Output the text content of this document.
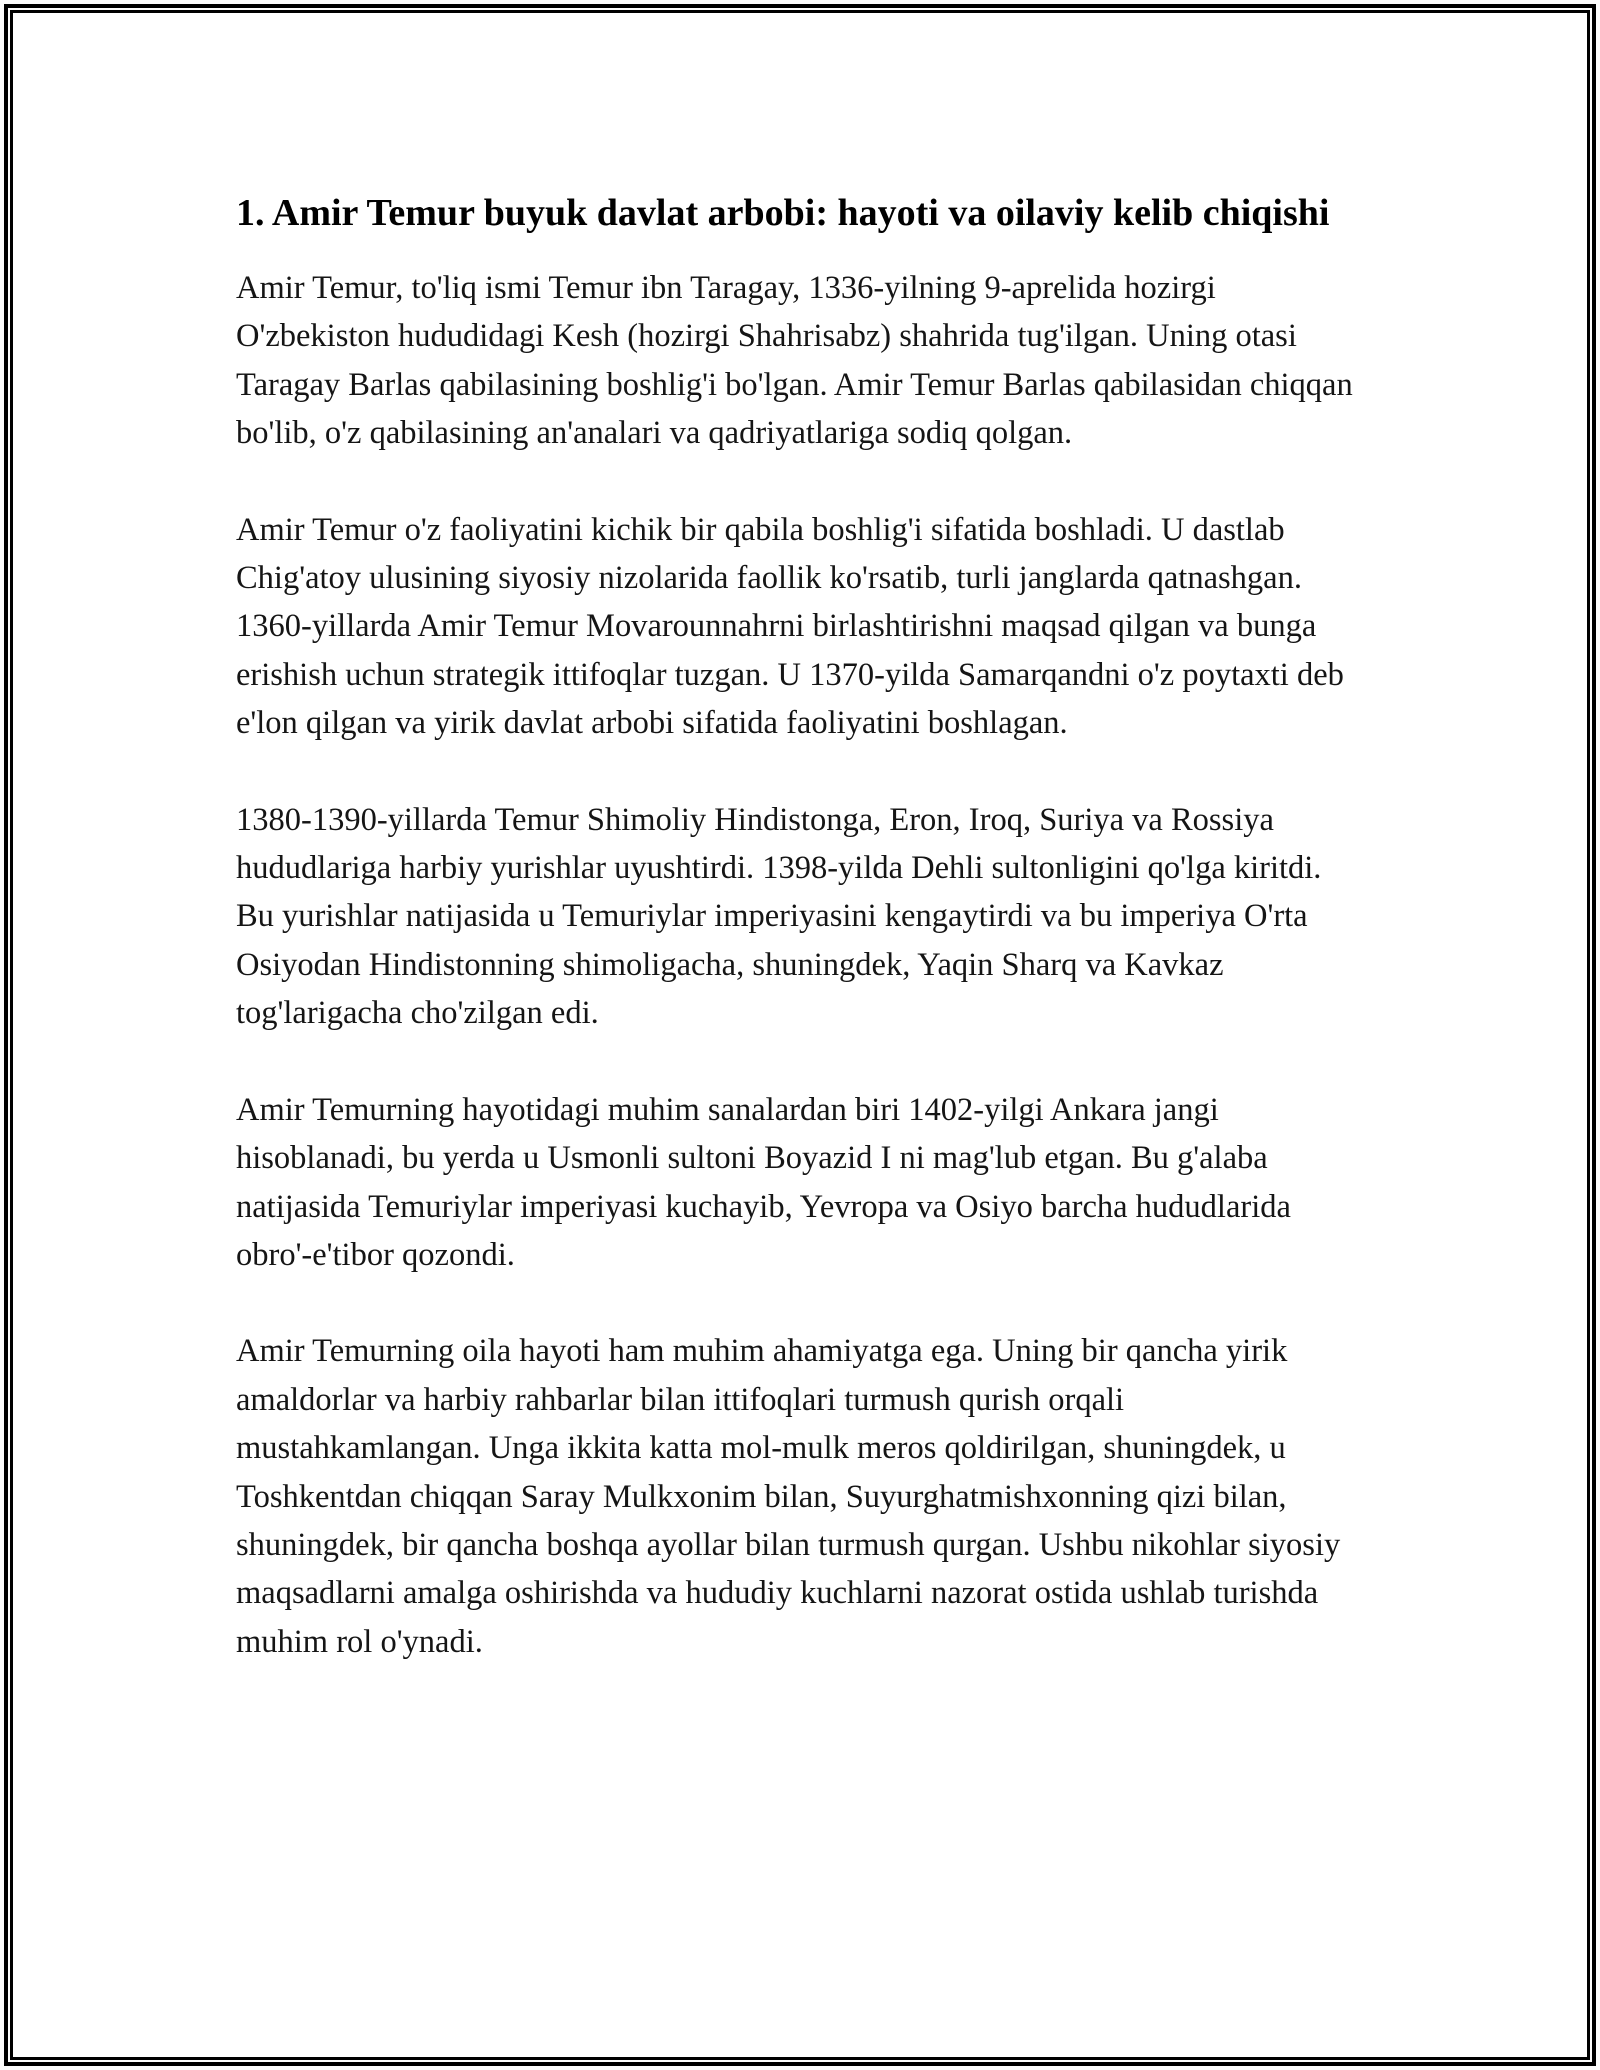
1. Amir Temur buyuk davlat arbobi: hayoti va oilaviy kelib chiqishi

Amir Temur, to'liq ismi Temur ibn Taragay, 1336-yilning 9-aprelida hozirgi O'zbekiston hududidagi Kesh (hozirgi Shahrisabz) shahrida tug'ilgan. Uning otasi Taragay Barlas qabilasining boshlig'i bo'lgan. Amir Temur Barlas qabilasidan chiqqan bo'lib, o'z qabilasining an'analari va qadriyatlariga sodiq qolgan.

Amir Temur o'z faoliyatini kichik bir qabila boshlig'i sifatida boshladi. U dastlab Chig'atoy ulusining siyosiy nizolarida faollik ko'rsatib, turli janglarda qatnashgan. 1360-yillarda Amir Temur Movarounnahrni birlashtirishni maqsad qilgan va bunga erishish uchun strategik ittifoqlar tuzgan. U 1370-yilda Samarqandni o'z poytaxti deb e'lon qilgan va yirik davlat arbobi sifatida faoliyatini boshlagan.

1380-1390-yillarda Temur Shimoliy Hindistonga, Eron, Iroq, Suriya va Rossiya hududlariga harbiy yurishlar uyushtirdi. 1398-yilda Dehli sultonligini qo'lga kiritdi. Bu yurishlar natijasida u Temuriylar imperiyasini kengaytirdi va bu imperiya O'rta Osiyodan Hindistonning shimoligacha, shuningdek, Yaqin Sharq va Kavkaz tog'larigacha cho'zilgan edi.

Amir Temurning hayotidagi muhim sanalardan biri 1402-yilgi Ankara jangi hisoblanadi, bu yerda u Usmonli sultoni Boyazid I ni mag'lub etgan. Bu g'alaba natijasida Temuriylar imperiyasi kuchayib, Yevropa va Osiyo barcha hududlarida obro'-e'tibor qozondi.

Amir Temurning oila hayoti ham muhim ahamiyatga ega. Uning bir qancha yirik amaldorlar va harbiy rahbarlar bilan ittifoqlari turmush qurish orqali mustahkamlangan. Unga ikkita katta mol-mulk meros qoldirilgan, shuningdek, u Toshkentdan chiqqan Saray Mulkxonim bilan, Suyurghatmishxonning qizi bilan, shuningdek, bir qancha boshqa ayollar bilan turmush qurgan. Ushbu nikohlar siyosiy maqsadlarni amalga oshirishda va hududiy kuchlarni nazorat ostida ushlab turishda muhim rol o'ynadi.
